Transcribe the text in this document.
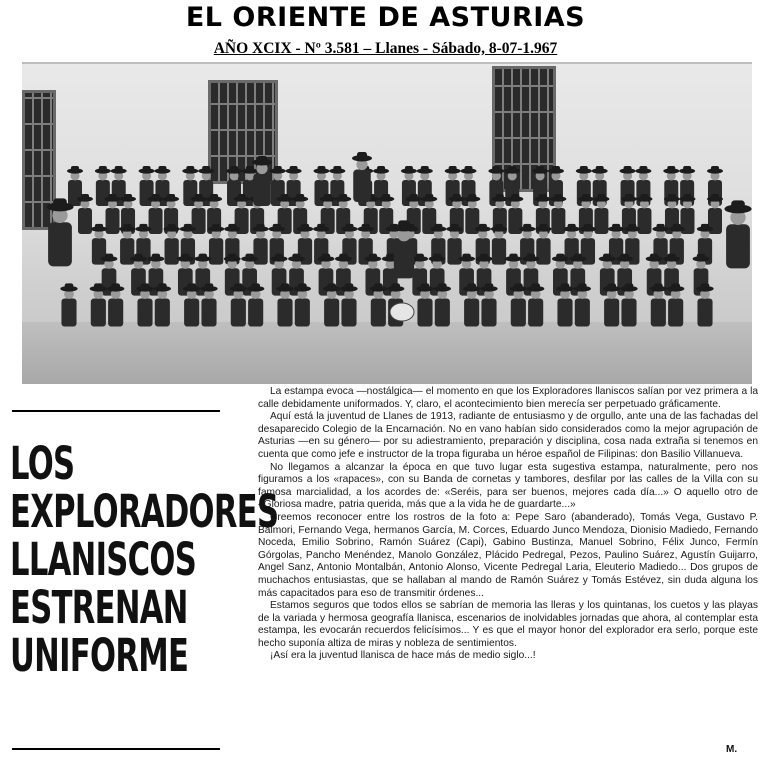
EL ORIENTE DE ASTURIAS
AÑO XCIX - Nº 3.581 – Llanes - Sábado, 8-07-1.967
LOS
EXPLORADORES
LLANISCOS
ESTRENAN
UNIFORME

La estampa evoca —nostálgica— el momento en que los Exploradores llaniscos salían por vez primera a la calle debidamente uniformados. Y, claro, el acontecimiento bien merecía ser perpetuado gráficamente.

Aquí está la juventud de Llanes de 1913, radiante de entusiasmo y de orgullo, ante una de las fachadas del desaparecido Colegio de la Encarnación. No en vano habían sido considerados como la mejor agrupación de Asturias —en su género— por su adiestramiento, preparación y disciplina, cosa nada extraña si tenemos en cuenta que como jefe e instructor de la tropa figuraba un héroe español de Filipinas: don Basilio Villanueva.

No llegamos a alcanzar la época en que tuvo lugar esta sugestiva estampa, naturalmente, pero nos figuramos a los «rapaces», con su Banda de cornetas y tambores, desfilar por las calles de la Villa con su famosa marcialidad, a los acordes de: «Seréis, para ser buenos, mejores cada día...» O aquello otro de «Gloriosa madre, patria querida, más que a la vida he de guardarte...»

Creemos reconocer entre los rostros de la foto a: Pepe Saro (abanderado), Tomás Vega, Gustavo P. Balmori, Fernando Vega, hermanos García, M. Corces, Eduardo Junco Mendoza, Dionisio Madiedo, Fernando Noceda, Emilio Sobrino, Ramón Suárez (Capi), Gabino Bustinza, Manuel Sobrino, Félix Junco, Fermín Górgolas, Pancho Menéndez, Manolo González, Plácido Pedregal, Pezos, Paulino Suárez, Agustín Guijarro, Angel Sanz, Antonio Montalbán, Antonio Alonso, Vicente Pedregal Laria, Eleuterio Madiedo... Dos grupos de muchachos entusiastas, que se hallaban al mando de Ramón Suárez y Tomás Estévez, sin duda alguna los más capacitados para eso de transmitir órdenes...

Estamos seguros que todos ellos se sabrían de memoria las lleras y los quintanas, los cuetos y las playas de la variada y hermosa geografía llanisca, escenarios de inolvidables jornadas que ahora, al contemplar esta estampa, les evocarán recuerdos felicísimos... Y es que el mayor honor del explorador era serlo, porque este hecho suponía altiza de miras y nobleza de sentimientos.

¡Así era la juventud llanisca de hace más de medio siglo...!

M.
